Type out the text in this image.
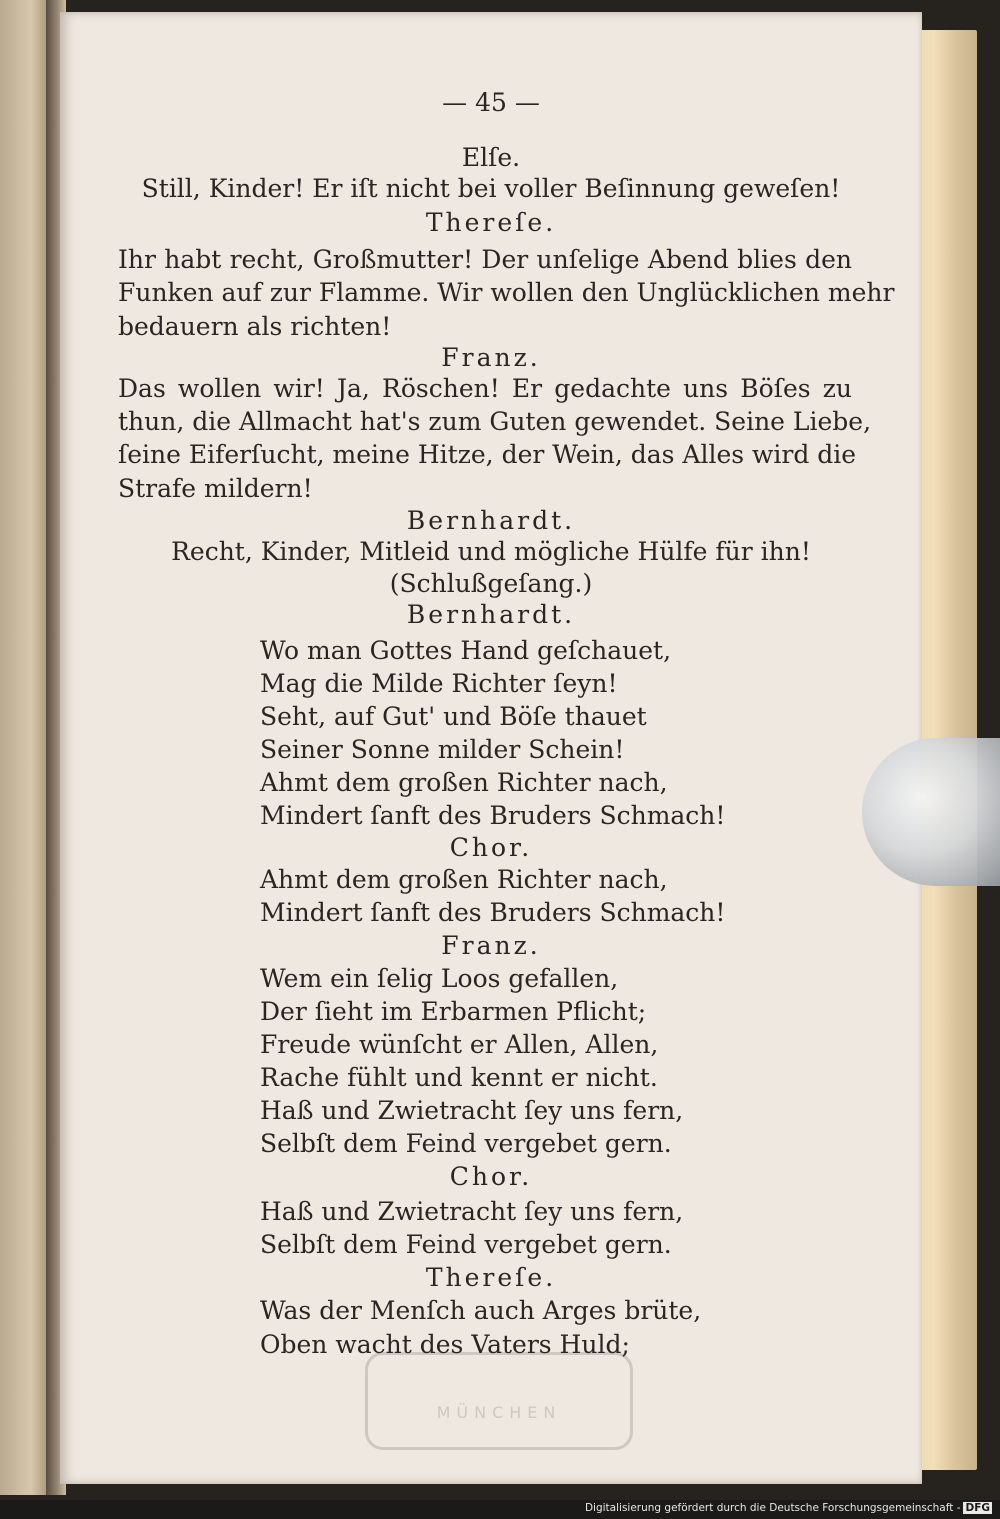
MÜNCHEN

— 45 —

Elſe.

Still, Kinder! Er iſt nicht bei voller Beſinnung geweſen!

Thereſe.

Ihr habt recht, Großmutter! Der unſelige Abend blies den

Funken auf zur Flamme. Wir wollen den Unglücklichen mehr

bedauern als richten!

Franz.

Das wollen wir! Ja, Röschen! Er gedachte uns Böſes zu

thun, die Allmacht hat's zum Guten gewendet. Seine Liebe,

ſeine Eiferſucht, meine Hitze, der Wein, das Alles wird die

Strafe mildern!

Bernhardt.

Recht, Kinder, Mitleid und mögliche Hülfe für ihn!

(Schlußgeſang.)

Bernhardt.

Wo man Gottes Hand geſchauet,

Mag die Milde Richter ſeyn!

Seht, auf Gut' und Böſe thauet

Seiner Sonne milder Schein!

Ahmt dem großen Richter nach,

Mindert ſanft des Bruders Schmach!

Chor.

Ahmt dem großen Richter nach,

Mindert ſanft des Bruders Schmach!

Franz.

Wem ein ſelig Loos gefallen,

Der ſieht im Erbarmen Pflicht;

Freude wünſcht er Allen, Allen,

Rache fühlt und kennt er nicht.

Haß und Zwietracht ſey uns fern,

Selbſt dem Feind vergebet gern.

Chor.

Haß und Zwietracht ſey uns fern,

Selbſt dem Feind vergebet gern.

Thereſe.

Was der Menſch auch Arges brüte,

Oben wacht des Vaters Huld;

Digitalisierung gefördert durch die Deutsche Forschungsgemeinschaft - DFG
